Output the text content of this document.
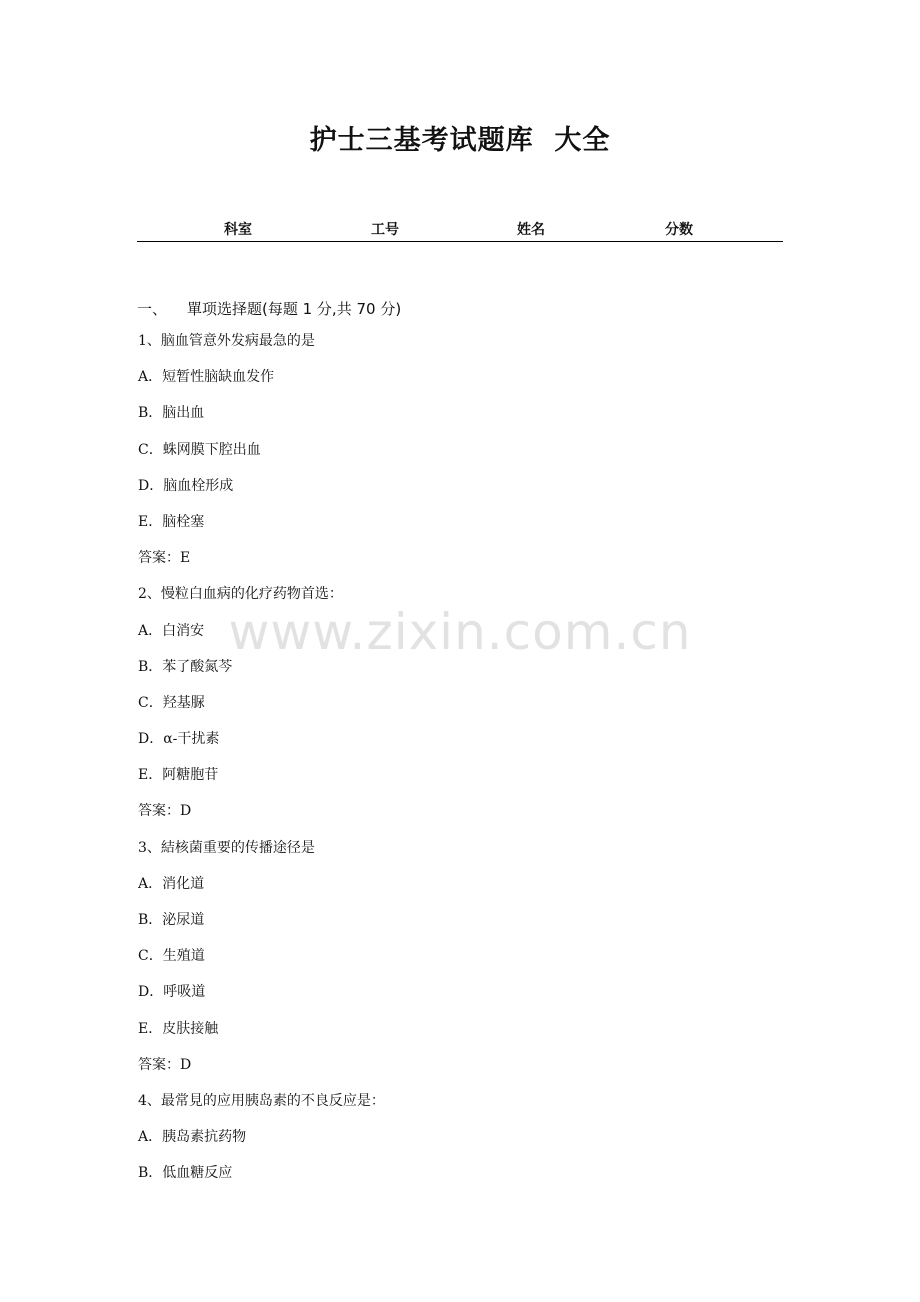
护士三基考试题库  大全
科室	工号	姓名	分数
一、 單项选择题(每题 1 分,共 70 分)
1、脑血管意外发病最急的是
A．短暂性脑缺血发作
B．脑出血
C．蛛网膜下腔出血
D．脑血栓形成
E．脑栓塞
答案：E
2、慢粒白血病的化疗药物首选：
A．白消安
B．苯了酸氮芩
C．羟基脲
D．α-干扰素
E．阿糖胞苷
答案：D
3、結核菌重要的传播途径是
A．消化道
B．泌尿道
C．生殖道
D．呼吸道
E．皮肤接触
答案：D
4、最常見的应用胰岛素的不良反应是：
A．胰岛素抗药物
B．低血糖反应
www.zixin.com.cn
